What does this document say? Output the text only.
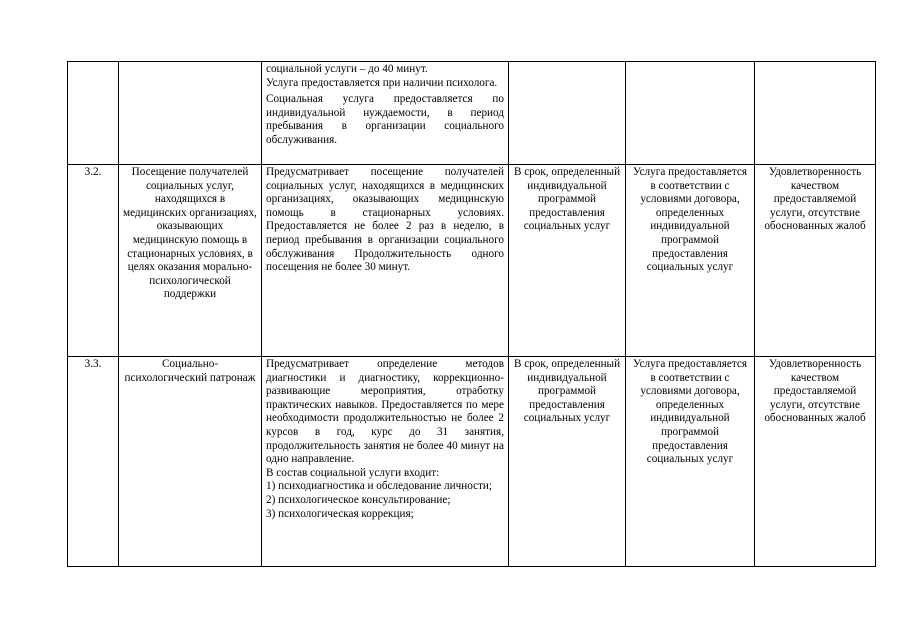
		социальной услуги – до 40 минут.

Услуга предоставляется при наличии психолога.

Социальная услуга предоставляется по индивидуальной нуждаемости, в период пребывания в организации социального обслуживания.			

3.2.	Посещение получателей социальных услуг, находящихся в медицинских организациях, оказывающих медицинскую помощь в стационарных условиях, в целях оказания морально-психологической поддержки	Предусматривает посещение получателей социальных услуг, находящихся в медицинских организациях, оказывающих медицинскую помощь в стационарных условиях. Предоставляется не более 2 раз в неделю, в период пребывания в организации социального обслуживания Продолжительность одного посещения не более 30 минут.	В срок, определенный индивидуальной программой предоставления социальных услуг	Услуга предоставляется в соответствии с условиями договора, определенных индивидуальной программой предоставления социальных услуг	Удовлетворенность качеством предоставляемой услуги, отсутствие обоснованных жалоб
3.3.	Социально-психологический патронаж	Предусматривает определение методов диагностики и диагностику, коррекционно-развивающие мероприятия, отработку практических навыков. Предоставляется по мере необходимости продолжительностью не более 2 курсов в год, курс до 31 занятия, продолжительность занятия не более 40 минут на одно направление.

В состав социальной услуги входит:

1) психодиагностика и обследование личности;

2) психологическое консультирование;

3) психологическая коррекция;	В срок, определенный индивидуальной программой предоставления социальных услуг	Услуга предоставляется в соответствии с условиями договора, определенных индивидуальной программой предоставления социальных услуг	Удовлетворенность качеством предоставляемой услуги, отсутствие обоснованных жалоб
